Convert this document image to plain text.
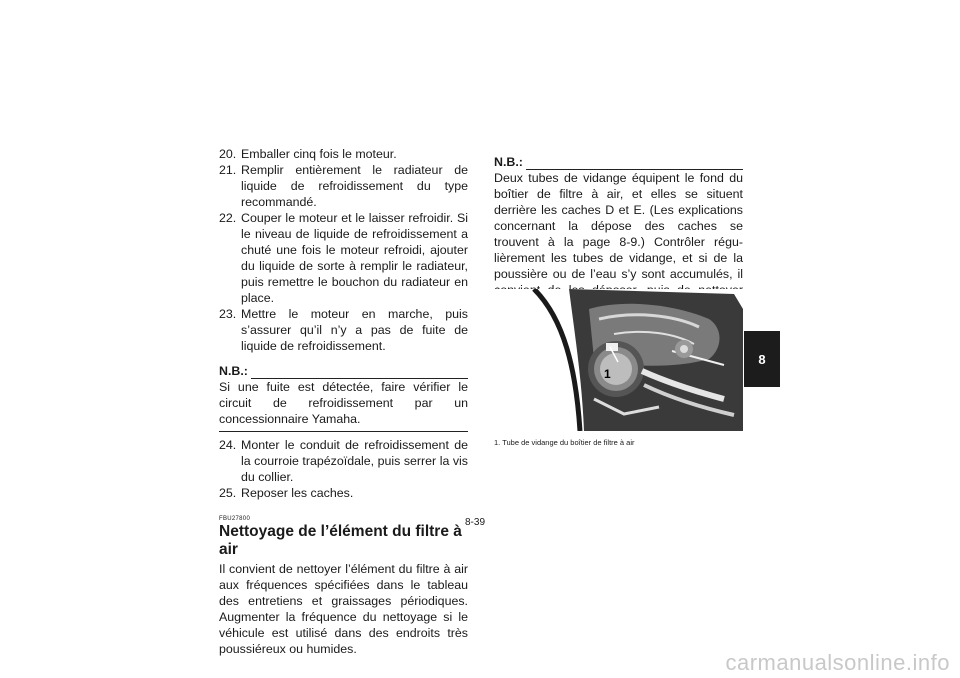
20. Emballer cinq fois le moteur.
21. Remplir entièrement le radiateur de liquide de refroidissement du type recommandé.
22. Couper le moteur et le laisser refroidir. Si le niveau de liquide de refroidissement a chuté une fois le moteur refroidi, ajouter du liquide de sorte à remplir le radiateur, puis remettre le bouchon du radiateur en place.
23. Mettre le moteur en marche, puis s’assurer qu’il n’y a pas de fuite de liquide de refroidissement.
N.B.:
Si une fuite est détectée, faire vérifier le circuit de refroidissement par un concessionnaire Yamaha.
24. Monter le conduit de refroidissement de la courroie trapézoïdale, puis serrer la vis du collier.
25. Reposer les caches.
FBU27800
Nettoyage de l’élément du filtre à air
Il convient de nettoyer l’élément du filtre à air aux fréquences spécifiées dans le tableau des entretiens et graissages périodiques. Augmenter la fréquence du nettoyage si le véhicule est utilisé dans des endroits très poussiéreux ou humides.
N.B.:
Deux tubes de vidange équipent le fond du boîtier de filtre à air, et elles se situent derrière les caches D et E. (Les explications concernant la dépose des caches se trouvent à la page 8-9.) Contrôler régulièrement les tubes de vidange, et si de la poussière ou de l’eau s’y sont accumulés, il
1
1. Tube de vidange du boîtier de filtre à air
8-39
8
carmanualsonline.info
